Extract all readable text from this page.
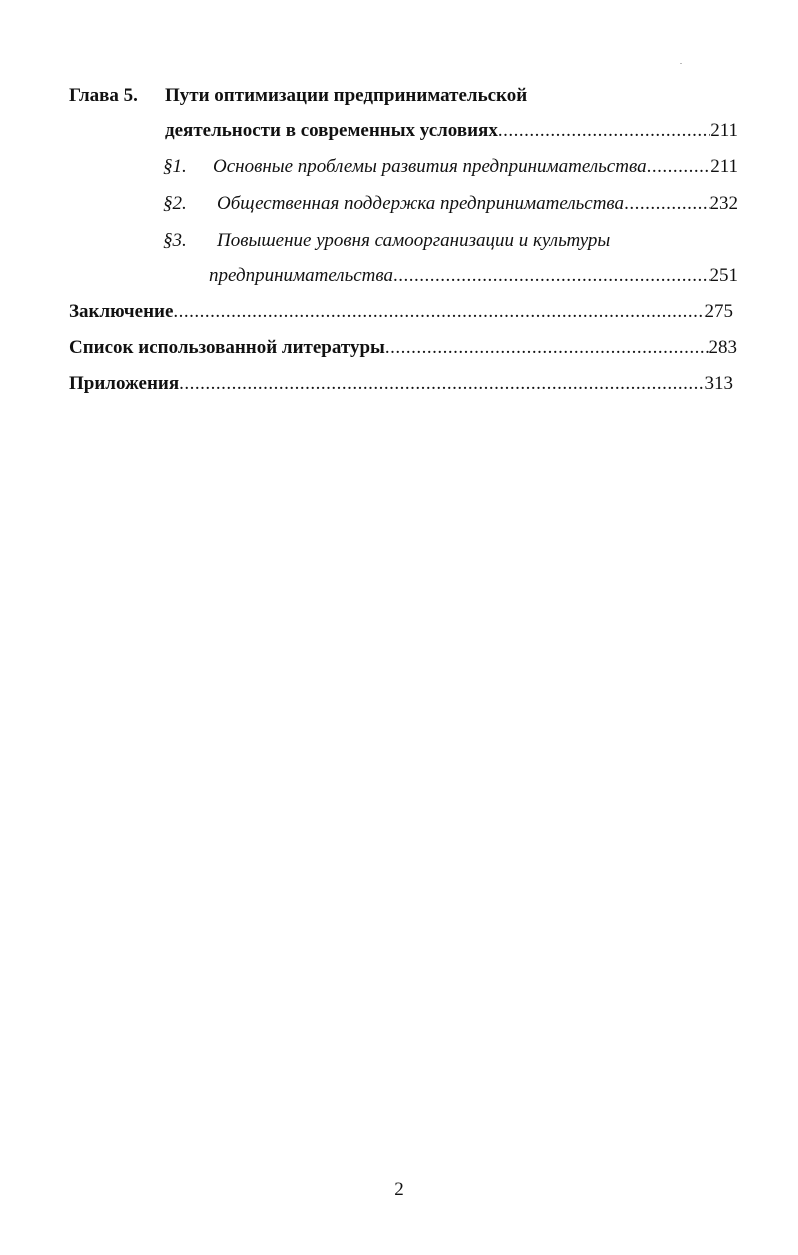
Глава 5. Пути оптимизации предпринимательской
деятельности в современных условиях .....	211
§1.	Основные проблемы развития предпринимательства .....	211
§2.	Общественная поддержка предпринимательства .....	232
§3. Повышение уровня самоорганизации и культуры
предпринимательства .....	251
Заключение .....	275
Список использованной литературы .....	283
Приложения .....	313
2
